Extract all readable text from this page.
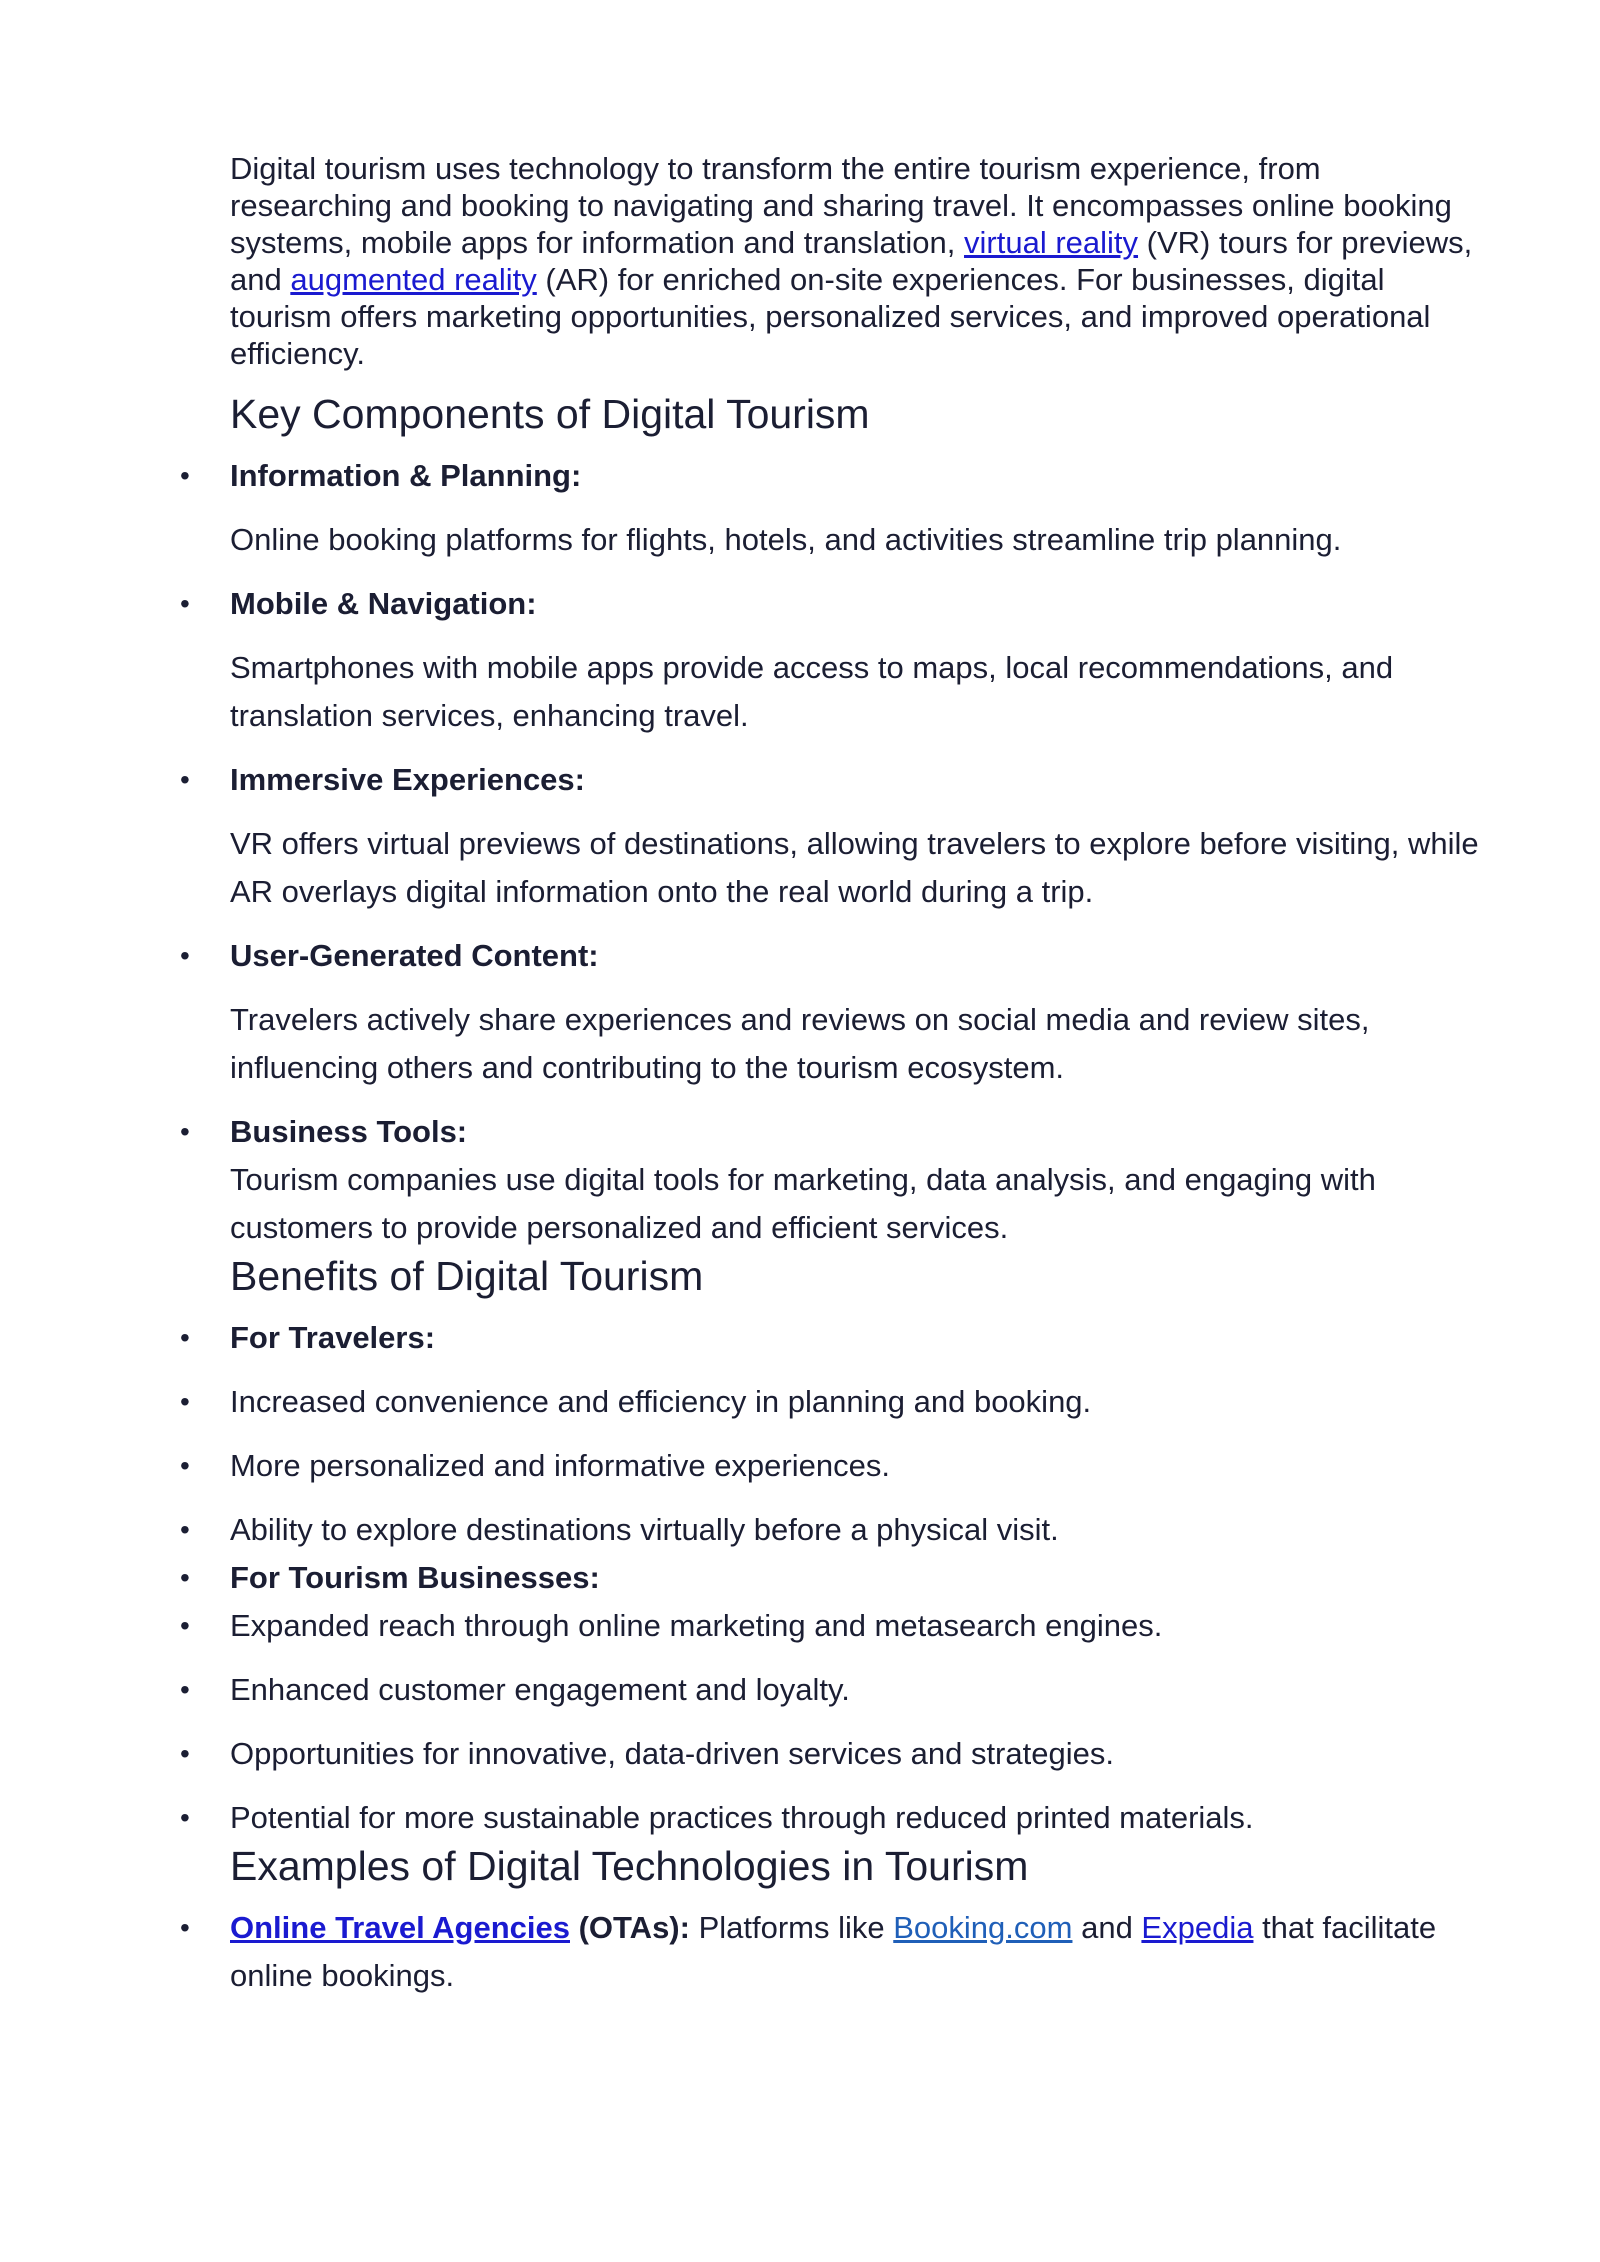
Digital tourism uses technology to transform the entire tourism experience, from researching and booking to navigating and sharing travel. It encompasses online booking systems, mobile apps for information and translation, virtual reality (VR) tours for previews, and augmented reality (AR) for enriched on-site experiences. For businesses, digital tourism offers marketing opportunities, personalized services, and improved operational efficiency.

Key Components of Digital Tourism
• Information & Planning:
Online booking platforms for flights, hotels, and activities streamline trip planning.
• Mobile & Navigation:
Smartphones with mobile apps provide access to maps, local recommendations, and translation services, enhancing travel.
• Immersive Experiences:
VR offers virtual previews of destinations, allowing travelers to explore before visiting, while AR overlays digital information onto the real world during a trip.
• User-Generated Content:
Travelers actively share experiences and reviews on social media and review sites, influencing others and contributing to the tourism ecosystem.
• Business Tools:
Tourism companies use digital tools for marketing, data analysis, and engaging with customers to provide personalized and efficient services.
Benefits of Digital Tourism
• For Travelers:
• Increased convenience and efficiency in planning and booking.
• More personalized and informative experiences.
• Ability to explore destinations virtually before a physical visit.
• For Tourism Businesses:
• Expanded reach through online marketing and metasearch engines.
• Enhanced customer engagement and loyalty.
• Opportunities for innovative, data-driven services and strategies.
• Potential for more sustainable practices through reduced printed materials.
Examples of Digital Technologies in Tourism
• Online Travel Agencies (OTAs): Platforms like Booking.com and Expedia that facilitate online bookings.
